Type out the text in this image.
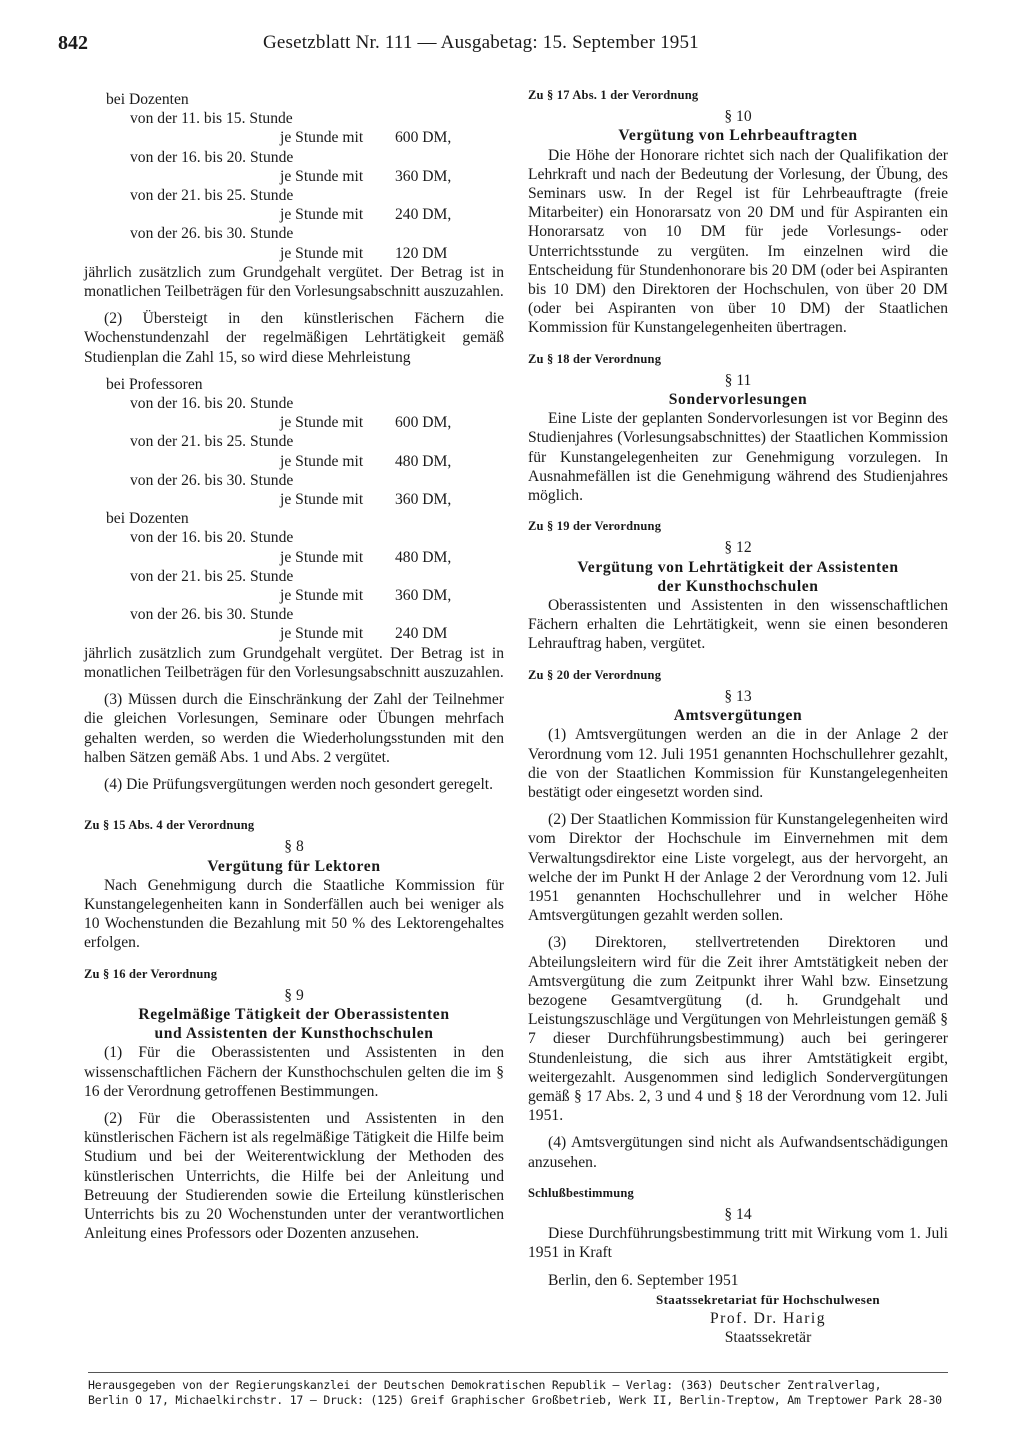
842	Gesetzblatt Nr. 111 — Ausgabetag: 15. September 1951
bei Dozenten
von der 11. bis 15. Stunde
je Stunde mit	600 DM,
von der 16. bis 20. Stunde
je Stunde mit	360 DM,
von der 21. bis 25. Stunde
je Stunde mit	240 DM,
von der 26. bis 30. Stunde
je Stunde mit	120 DM

jährlich zusätzlich zum Grundgehalt vergütet. Der Betrag ist in monatlichen Teilbeträgen für den Vorlesungsabschnitt auszuzahlen.

(2) Übersteigt in den künstlerischen Fächern die Wochenstundenzahl der regelmäßigen Lehrtätigkeit gemäß Studienplan die Zahl 15, so wird diese Mehrleistung

bei Professoren
von der 16. bis 20. Stunde
je Stunde mit	600 DM,
von der 21. bis 25. Stunde
je Stunde mit	480 DM,
von der 26. bis 30. Stunde
je Stunde mit	360 DM,
bei Dozenten
von der 16. bis 20. Stunde
je Stunde mit	480 DM,
von der 21. bis 25. Stunde
je Stunde mit	360 DM,
von der 26. bis 30. Stunde
je Stunde mit	240 DM

jährlich zusätzlich zum Grundgehalt vergütet. Der Betrag ist in monatlichen Teilbeträgen für den Vorlesungsabschnitt auszuzahlen.

(3) Müssen durch die Einschränkung der Zahl der Teilnehmer die gleichen Vorlesungen, Seminare oder Übungen mehrfach gehalten werden, so werden die Wiederholungsstunden mit den halben Sätzen gemäß Abs. 1 und Abs. 2 vergütet.

(4) Die Prüfungsvergütungen werden noch gesondert geregelt.

Zu § 15 Abs. 4 der Verordnung
§ 8
Vergütung für Lektoren

Nach Genehmigung durch die Staatliche Kommission für Kunstangelegenheiten kann in Sonderfällen auch bei weniger als 10 Wochenstunden die Bezahlung mit 50 % des Lektorengehaltes erfolgen.

Zu § 16 der Verordnung
§ 9
Regelmäßige Tätigkeit der Oberassistenten
und Assistenten der Kunsthochschulen

(1) Für die Oberassistenten und Assistenten in den wissenschaftlichen Fächern der Kunsthochschulen gelten die im § 16 der Verordnung getroffenen Bestimmungen.

(2) Für die Oberassistenten und Assistenten in den künstlerischen Fächern ist als regelmäßige Tätigkeit die Hilfe beim Studium und bei der Weiterentwicklung der Methoden des künstlerischen Unterrichts, die Hilfe bei der Anleitung und Betreuung der Studierenden sowie die Erteilung künstlerischen Unterrichts bis zu 20 Wochenstunden unter der verantwortlichen Anleitung eines Professors oder Dozenten anzusehen.

Zu § 17 Abs. 1 der Verordnung
§ 10
Vergütung von Lehrbeauftragten

Die Höhe der Honorare richtet sich nach der Qualifikation der Lehrkraft und nach der Bedeutung der Vorlesung, der Übung, des Seminars usw. In der Regel ist für Lehrbeauftragte (freie Mitarbeiter) ein Honorarsatz von 20 DM und für Aspiranten ein Honorarsatz von 10 DM für jede Vorlesungs- oder Unterrichtsstunde zu vergüten. Im einzelnen wird die Entscheidung für Stundenhonorare bis 20 DM (oder bei Aspiranten bis 10 DM) den Direktoren der Hochschulen, von über 20 DM (oder bei Aspiranten von über 10 DM) der Staatlichen Kommission für Kunstangelegenheiten übertragen.

Zu § 18 der Verordnung
§ 11
Sondervorlesungen

Eine Liste der geplanten Sondervorlesungen ist vor Beginn des Studienjahres (Vorlesungsabschnittes) der Staatlichen Kommission für Kunstangelegenheiten zur Genehmigung vorzulegen. In Ausnahmefällen ist die Genehmigung während des Studienjahres möglich.

Zu § 19 der Verordnung
§ 12
Vergütung von Lehrtätigkeit der Assistenten
der Kunsthochschulen

Oberassistenten und Assistenten in den wissenschaftlichen Fächern erhalten die Lehrtätigkeit, wenn sie einen besonderen Lehrauftrag haben, vergütet.

Zu § 20 der Verordnung
§ 13
Amtsvergütungen

(1) Amtsvergütungen werden an die in der Anlage 2 der Verordnung vom 12. Juli 1951 genannten Hochschullehrer gezahlt, die von der Staatlichen Kommission für Kunstangelegenheiten bestätigt oder eingesetzt worden sind.

(2) Der Staatlichen Kommission für Kunstangelegenheiten wird vom Direktor der Hochschule im Einvernehmen mit dem Verwaltungsdirektor eine Liste vorgelegt, aus der hervorgeht, an welche der im Punkt H der Anlage 2 der Verordnung vom 12. Juli 1951 genannten Hochschullehrer und in welcher Höhe Amtsvergütungen gezahlt werden sollen.

(3) Direktoren, stellvertretenden Direktoren und Abteilungsleitern wird für die Zeit ihrer Amtstätigkeit neben der Amtsvergütung die zum Zeitpunkt ihrer Wahl bzw. Einsetzung bezogene Gesamtvergütung (d. h. Grundgehalt und Leistungszuschläge und Vergütungen von Mehrleistungen gemäß § 7 dieser Durchführungsbestimmung) auch bei geringerer Stundenleistung, die sich aus ihrer Amtstätigkeit ergibt, weitergezahlt. Ausgenommen sind lediglich Sondervergütungen gemäß § 17 Abs. 2, 3 und 4 und § 18 der Verordnung vom 12. Juli 1951.

(4) Amtsvergütungen sind nicht als Aufwandsentschädigungen anzusehen.

Schlußbestimmung
§ 14

Diese Durchführungsbestimmung tritt mit Wirkung vom 1. Juli 1951 in Kraft

Berlin, den 6. September 1951

Staatssekretariat für Hochschulwesen
Prof. Dr. Harig
Staatssekretär
Herausgegeben von der Regierungskanzlei der Deutschen Demokratischen Republik — Verlag: (363) Deutscher Zentralverlag,
Berlin O 17, Michaelkirchstr. 17 — Druck: (125) Greif Graphischer Großbetrieb, Werk II, Berlin-Treptow, Am Treptower Park 28-30
